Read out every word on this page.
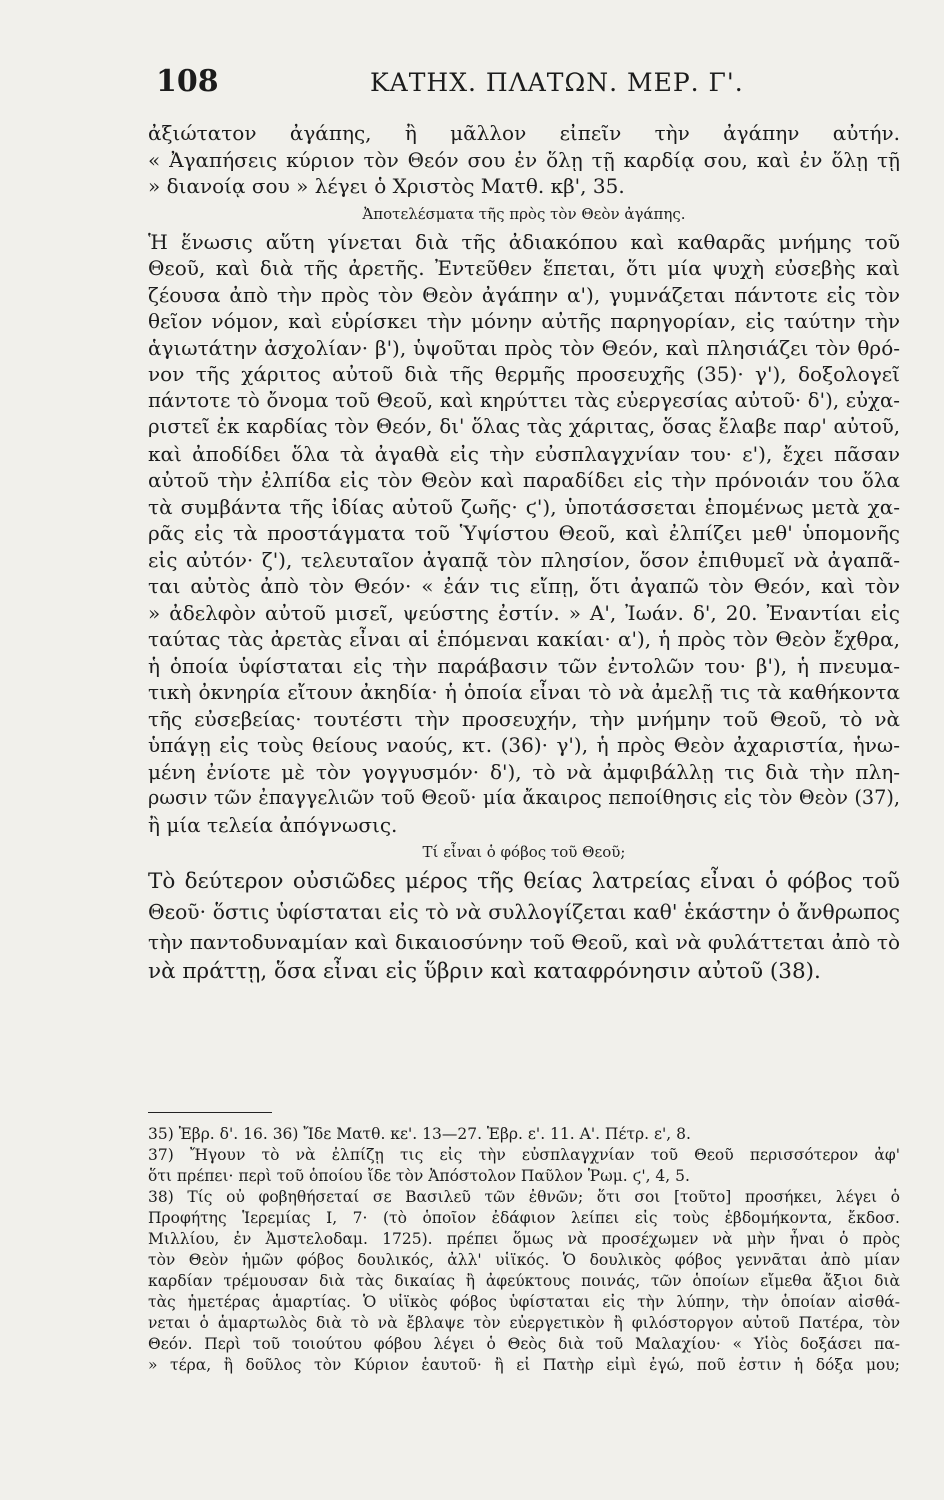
108	ΚΑΤΗΧ. ΠΛΑΤΩΝ. ΜΕΡ. Γ'.
ἀξιώτατον ἀγάπης, ἢ μᾶλλον εἰπεῖν τὴν ἀγάπην αὐτήν.
« Ἀγαπήσεις κύριον τὸν Θεόν σου ἐν ὅλῃ τῇ καρδίᾳ σου, καὶ ἐν ὅλῃ τῇ
» διανοίᾳ σου » λέγει ὁ Χριστὸς Ματθ. κβ', 35.
Ἀποτελέσματα τῆς πρὸς τὸν Θεὸν ἀγάπης.
Ἡ ἕνωσις αὕτη γίνεται διὰ τῆς ἀδιακόπου καὶ καθαρᾶς μνήμης τοῦ
Θεοῦ, καὶ διὰ τῆς ἀρετῆς. Ἐντεῦθεν ἕπεται, ὅτι μία ψυχὴ εὐσεβὴς καὶ
ζέουσα ἀπὸ τὴν πρὸς τὸν Θεὸν ἀγάπην α'), γυμνάζεται πάντοτε εἰς τὸν
θεῖον νόμον, καὶ εὑρίσκει τὴν μόνην αὐτῆς παρηγορίαν, εἰς ταύτην τὴν
ἁγιωτάτην ἀσχολίαν· β'), ὑψοῦται πρὸς τὸν Θεόν, καὶ πλησιάζει τὸν θρό-
νον τῆς χάριτος αὐτοῦ διὰ τῆς θερμῆς προσευχῆς (35)· γ'), δοξολογεῖ
πάντοτε τὸ ὄνομα τοῦ Θεοῦ, καὶ κηρύττει τὰς εὐεργεσίας αὐτοῦ· δ'), εὐχα-
ριστεῖ ἐκ καρδίας τὸν Θεόν, δι' ὅλας τὰς χάριτας, ὅσας ἔλαβε παρ' αὐτοῦ,
καὶ ἀποδίδει ὅλα τὰ ἀγαθὰ εἰς τὴν εὐσπλαγχνίαν του· ε'), ἔχει πᾶσαν
αὐτοῦ τὴν ἐλπίδα εἰς τὸν Θεὸν καὶ παραδίδει εἰς τὴν πρόνοιάν του ὅλα
τὰ συμβάντα τῆς ἰδίας αὐτοῦ ζωῆς· ϛ'), ὑποτάσσεται ἑπομένως μετὰ χα-
ρᾶς εἰς τὰ προστάγματα τοῦ Ὑψίστου Θεοῦ, καὶ ἐλπίζει μεθ' ὑπομονῆς
εἰς αὐτόν· ζ'), τελευταῖον ἀγαπᾷ τὸν πλησίον, ὅσον ἐπιθυμεῖ νὰ ἀγαπᾶ-
ται αὐτὸς ἀπὸ τὸν Θεόν· « ἐάν τις εἴπῃ, ὅτι ἀγαπῶ τὸν Θεόν, καὶ τὸν
» ἀδελφὸν αὐτοῦ μισεῖ, ψεύστης ἐστίν. » Α', Ἰωάν. δ', 20. Ἐναντίαι εἰς
ταύτας τὰς ἀρετὰς εἶναι αἱ ἑπόμεναι κακίαι· α'), ἡ πρὸς τὸν Θεὸν ἔχθρα,
ἡ ὁποία ὑφίσταται εἰς τὴν παράβασιν τῶν ἐντολῶν του· β'), ἡ πνευμα-
τικὴ ὀκνηρία εἴτουν ἀκηδία· ἡ ὁποία εἶναι τὸ νὰ ἀμελῇ τις τὰ καθήκοντα
τῆς εὐσεβείας· τουτέστι τὴν προσευχήν, τὴν μνήμην τοῦ Θεοῦ, τὸ νὰ
ὑπάγῃ εἰς τοὺς θείους ναούς, κτ. (36)· γ'), ἡ πρὸς Θεὸν ἀχαριστία, ἡνω-
μένη ἐνίοτε μὲ τὸν γογγυσμόν· δ'), τὸ νὰ ἀμφιβάλλῃ τις διὰ τὴν πλη-
ρωσιν τῶν ἐπαγγελιῶν τοῦ Θεοῦ· μία ἄκαιρος πεποίθησις εἰς τὸν Θεὸν (37),
ἢ μία τελεία ἀπόγνωσις.
Τί εἶναι ὁ φόβος τοῦ Θεοῦ;
Τὸ δεύτερον οὐσιῶδες μέρος τῆς θείας λατρείας εἶναι ὁ φόβος τοῦ
Θεοῦ· ὅστις ὑφίσταται εἰς τὸ νὰ συλλογίζεται καθ' ἑκάστην ὁ ἄνθρωπος
τὴν παντοδυναμίαν καὶ δικαιοσύνην τοῦ Θεοῦ, καὶ νὰ φυλάττεται ἀπὸ τὸ
νὰ πράττῃ, ὅσα εἶναι εἰς ὕβριν καὶ καταφρόνησιν αὐτοῦ (38).
35) Ἑβρ. δ'. 16. 36) Ἴδε Ματθ. κε'. 13—27. Ἑβρ. ε'. 11. Α'. Πέτρ. ε', 8.
37) Ἤγουν τὸ νὰ ἐλπίζῃ τις εἰς τὴν εὐσπλαγχνίαν τοῦ Θεοῦ περισσότερον ἀφ'
ὅτι πρέπει· περὶ τοῦ ὁποίου ἴδε τὸν Ἀπόστολον Παῦλον Ῥωμ. ϛ', 4, 5.
38) Τίς οὐ φοβηθήσεταί σε Βασιλεῦ τῶν ἐθνῶν; ὅτι σοι [τοῦτο] προσήκει, λέγει ὁ
Προφήτης Ἱερεμίας Ι, 7· (τὸ ὁποῖον ἐδάφιον λείπει εἰς τοὺς ἑβδομήκοντα, ἔκδοσ.
Μιλλίου, ἐν Ἀμστελοδαμ. 1725). πρέπει ὅμως νὰ προσέχωμεν νὰ μὴν ἦναι ὁ πρὸς
τὸν Θεὸν ἡμῶν φόβος δουλικός, ἀλλ' υἱϊκός. Ὁ δουλικὸς φόβος γεννᾶται ἀπὸ μίαν
καρδίαν τρέμουσαν διὰ τὰς δικαίας ἢ ἀφεύκτους ποινάς, τῶν ὁποίων εἴμεθα ἄξιοι διὰ
τὰς ἡμετέρας ἁμαρτίας. Ὁ υἱϊκὸς φόβος ὑφίσταται εἰς τὴν λύπην, τὴν ὁποίαν αἰσθά-
νεται ὁ ἁμαρτωλὸς διὰ τὸ νὰ ἔβλαψε τὸν εὐεργετικὸν ἢ φιλόστοργον αὐτοῦ Πατέρα, τὸν
Θεόν. Περὶ τοῦ τοιούτου φόβου λέγει ὁ Θεὸς διὰ τοῦ Μαλαχίου· « Υἱὸς δοξάσει πα-
» τέρα, ἢ δοῦλος τὸν Κύριον ἑαυτοῦ· ἢ εἰ Πατὴρ εἰμὶ ἐγώ, ποῦ ἐστιν ἡ δόξα μου;
